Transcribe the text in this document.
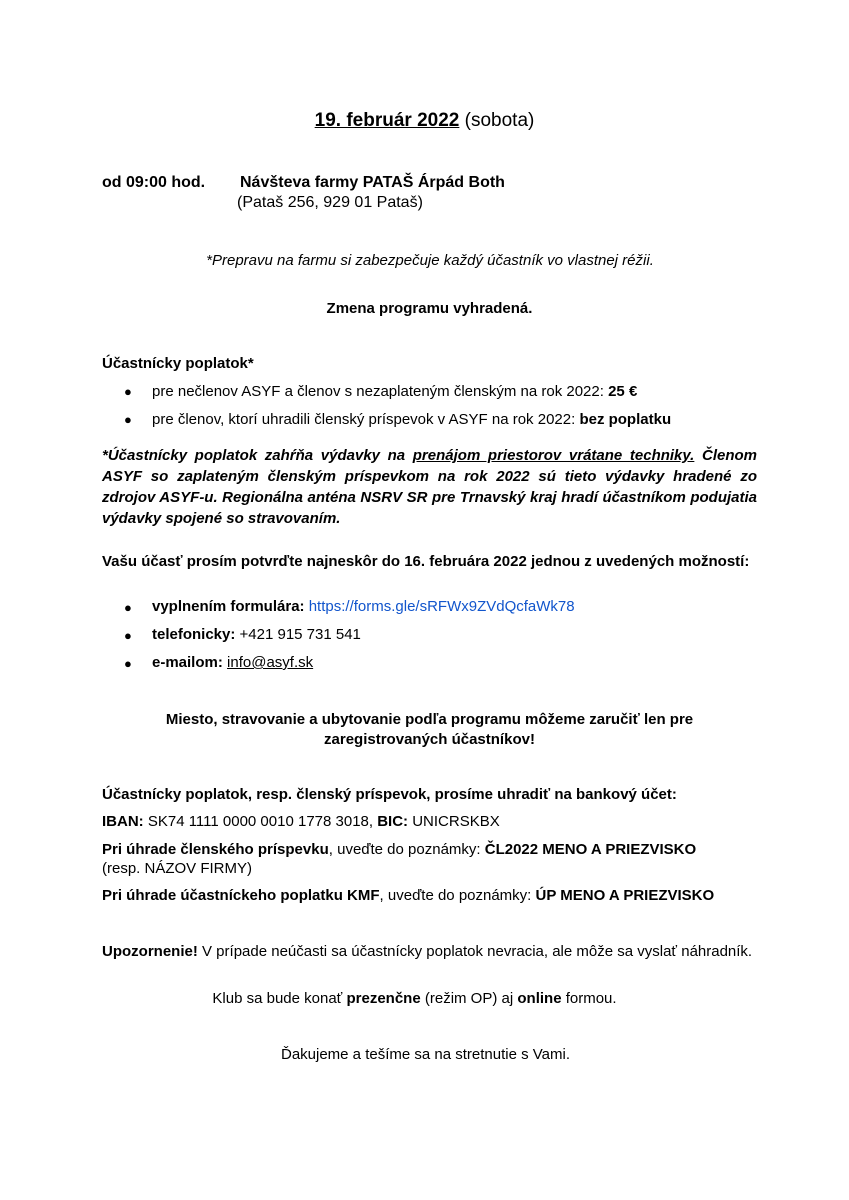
19. február 2022 (sobota)
od 09:00 hod. Návšteva farmy PATAŠ Árpád Both
(Pataš 256, 929 01 Pataš)
*Prepravu na farmu si zabezpečuje každý účastník vo vlastnej réžii.
Zmena programu vyhradená.
Účastnícky poplatok*
● pre nečlenov ASYF a členov s nezaplateným členským na rok 2022: 25 €
● pre členov, ktorí uhradili členský príspevok v ASYF na rok 2022: bez poplatku
*Účastnícky poplatok zahŕňa výdavky na prenájom priestorov vrátane techniky. Členom ASYF so zaplateným členským príspevkom na rok 2022 sú tieto výdavky hradené zo zdrojov ASYF-u. Regionálna anténa NSRV SR pre Trnavský kraj hradí účastníkom podujatia výdavky spojené so stravovaním.
Vašu účasť prosím potvrďte najneskôr do 16. februára 2022 jednou z uvedených možností:
● vyplnením formulára: https://forms.gle/sRFWx9ZVdQcfaWk78
● telefonicky: +421 915 731 541
● e-mailom: info@asyf.sk
Miesto, stravovanie a ubytovanie podľa programu môžeme zaručiť len pre
zaregistrovaných účastníkov!
Účastnícky poplatok, resp. členský príspevok, prosíme uhradiť na bankový účet:
IBAN: SK74 1111 0000 0010 1778 3018, BIC: UNICRSKBX
Pri úhrade členského príspevku, uveďte do poznámky: ČL2022 MENO A PRIEZVISKO
(resp. NÁZOV FIRMY)
Pri úhrade účastníckeho poplatku KMF, uveďte do poznámky: ÚP MENO A PRIEZVISKO
Upozornenie! V prípade neúčasti sa účastnícky poplatok nevracia, ale môže sa vyslať náhradník.
Klub sa bude konať prezenčne (režim OP) aj online formou.
Ďakujeme a tešíme sa na stretnutie s Vami.
